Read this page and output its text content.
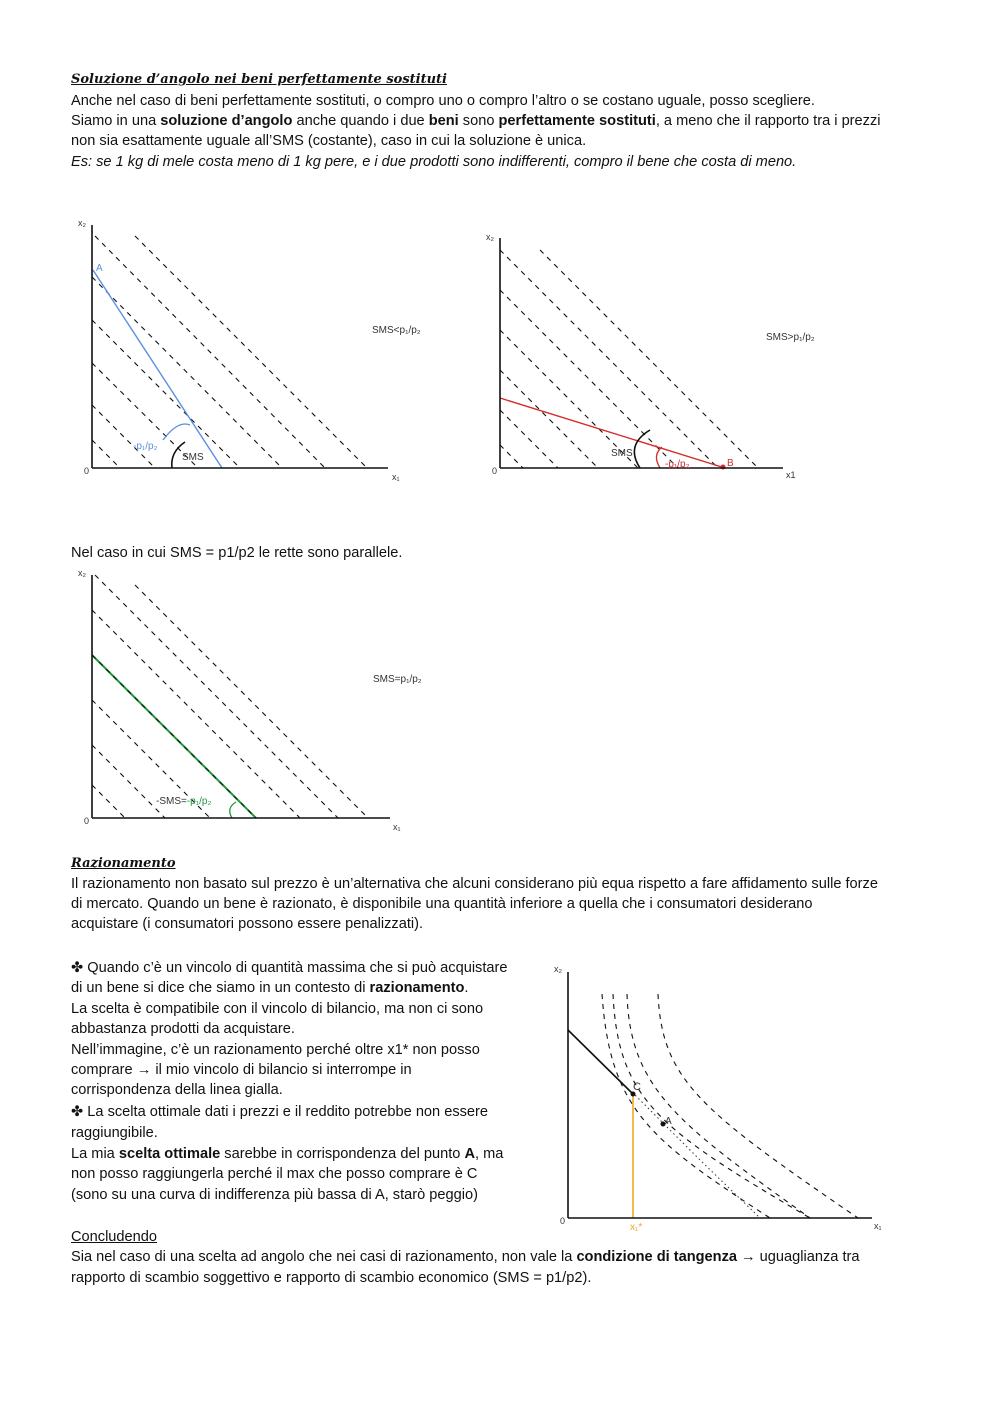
Soluzione d’angolo nei beni perfettamente sostituti
Anche nel caso di beni perfettamente sostituti, o compro uno o compro l’altro o se costano uguale, posso scegliere.
Siamo in una soluzione d’angolo anche quando i due beni sono perfettamente sostituti, a meno che il rapporto tra i prezzi
non sia esattamente uguale all’SMS (costante), caso in cui la soluzione è unica.
Es: se 1 kg di mele costa meno di 1 kg pere, e i due prodotti sono indifferenti, compro il bene che costa di meno.
x₂
x₁
0
SMS<p₁/p₂
A
-p₁/p₂
SMS
x₂
x1
0
SMS>p₁/p₂
B
-p₁/p₂
SMS
Nel caso in cui SMS = p1/p2 le rette sono parallele.
x₂
x₁
0
SMS=p₁/p₂
-SMS=-p₁/p₂
Razionamento
Il razionamento non basato sul prezzo è un’alternativa che alcuni considerano più equa rispetto a fare affidamento sulle forze
di mercato. Quando un bene è razionato, è disponibile una quantità inferiore a quella che i consumatori desiderano
acquistare (i consumatori possono essere penalizzati).
✤ Quando c’è un vincolo di quantità massima che si può acquistare
di un bene si dice che siamo in un contesto di razionamento.
La scelta è compatibile con il vincolo di bilancio, ma non ci sono
abbastanza prodotti da acquistare.
Nell’immagine, c’è un razionamento perché oltre x1* non posso
comprare → il mio vincolo di bilancio si interrompe in
corrispondenza della linea gialla.
✤ La scelta ottimale dati i prezzi e il reddito potrebbe non essere
raggiungibile.
La mia scelta ottimale sarebbe in corrispondenza del punto A, ma
non posso raggiungerla perché il max che posso comprare è C
(sono su una curva di indifferenza più bassa di A, starò peggio)
x₂
x₁
0
C
A
x₁*
Concludendo
Sia nel caso di una scelta ad angolo che nei casi di razionamento, non vale la condizione di tangenza → uguaglianza tra
rapporto di scambio soggettivo e rapporto di scambio economico (SMS = p1/p2).
